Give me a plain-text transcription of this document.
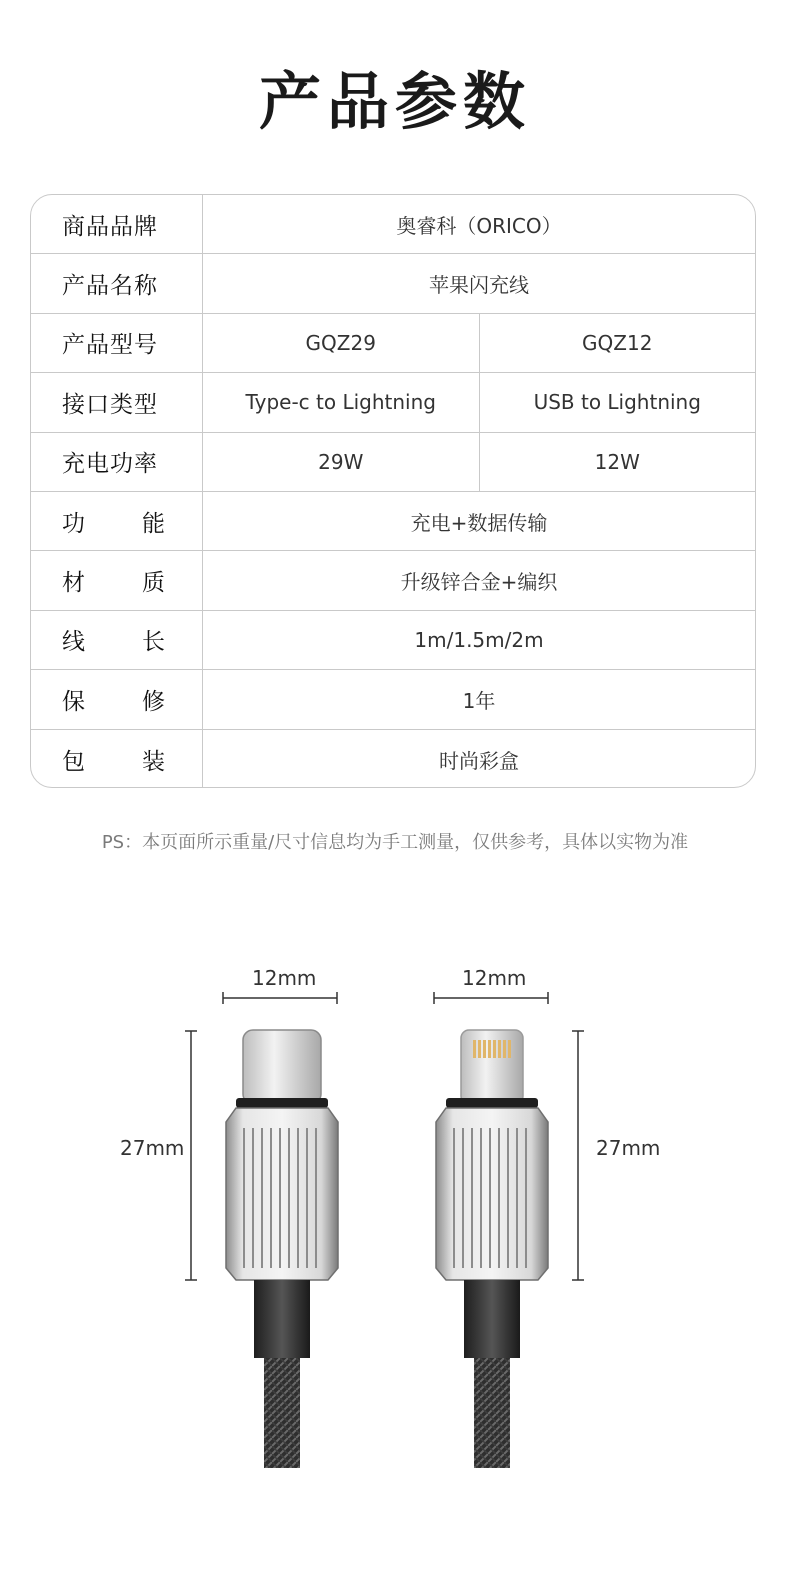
产品参数
商品品牌	奥睿科（ORICO）
产品名称	苹果闪充线
产品型号	GQZ29	GQZ12
接口类型	Type-c to Lightning	USB to Lightning
充电功率	29W	12W
功 能	充电+数据传输
材 质	升级锌合金+编织
线 长	1m/1.5m/2m
保 修	1年
包 装	时尚彩盒
PS：本页面所示重量/尺寸信息均为手工测量，仅供参考，具体以实物为准
12mm	12mm
27mm	27mm
